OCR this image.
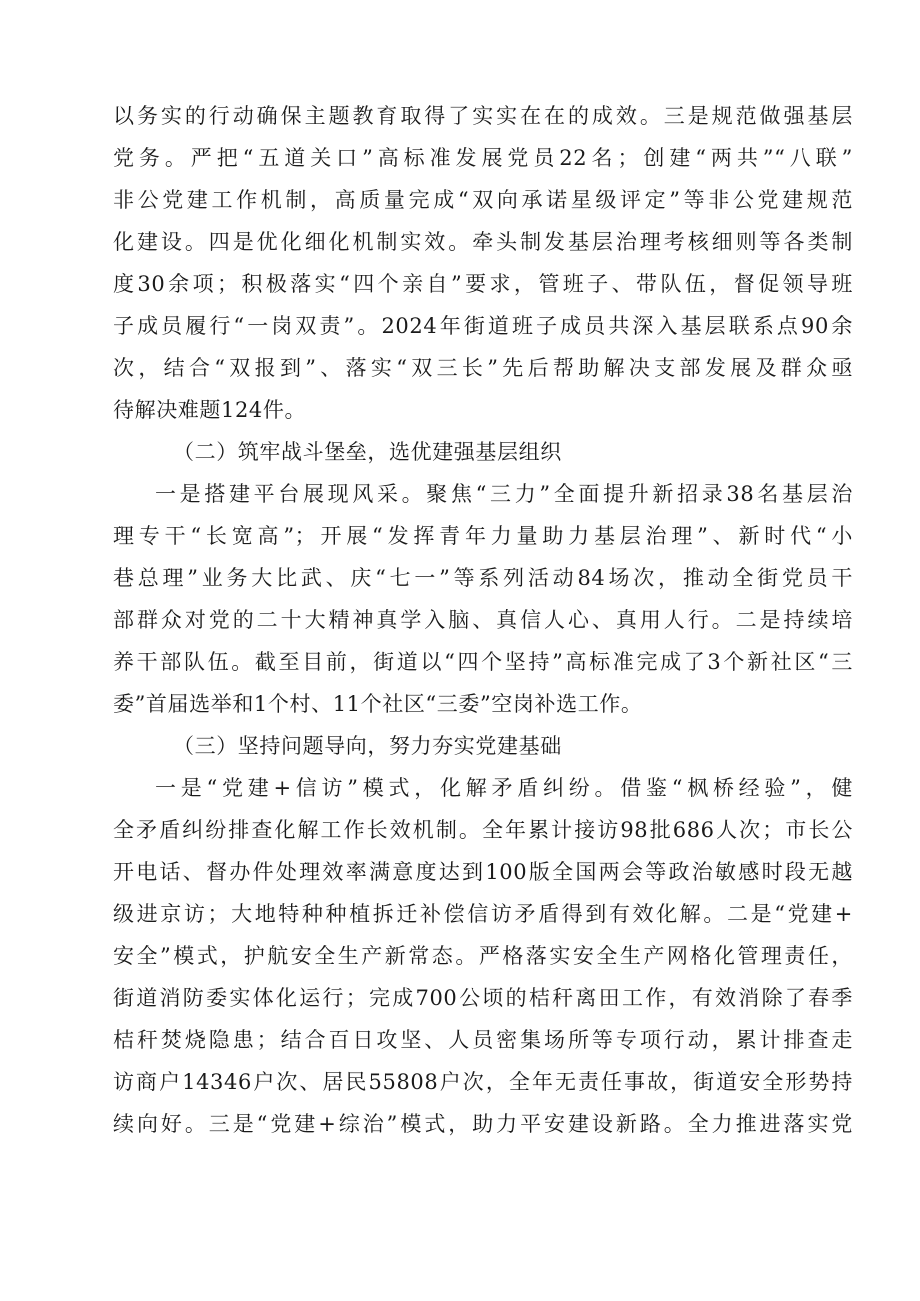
以务实的行动确保主题教育取得了实实在在的成效。三是规范做强基层
党务。严把“五道关口”高标准发展党员22名；创建“两共”“八联”
非公党建工作机制，高质量完成“双向承诺星级评定”等非公党建规范
化建设。四是优化细化机制实效。牵头制发基层治理考核细则等各类制
度30余项；积极落实“四个亲自”要求，管班子、带队伍，督促领导班
子成员履行“一岗双责”。2024年街道班子成员共深入基层联系点90余
次，结合“双报到”、落实“双三长”先后帮助解决支部发展及群众亟
待解决难题124件。
（二）筑牢战斗堡垒，选优建强基层组织
一是搭建平台展现风采。聚焦“三力”全面提升新招录38名基层治
理专干“长宽高”；开展“发挥青年力量助力基层治理”、新时代“小
巷总理”业务大比武、庆“七一”等系列活动84场次，推动全街党员干
部群众对党的二十大精神真学入脑、真信人心、真用人行。二是持续培
养干部队伍。截至目前，街道以“四个坚持”高标准完成了3个新社区“三
委”首届选举和1个村、11个社区“三委”空岗补选工作。
（三）坚持问题导向，努力夯实党建基础
一是“党建+信访”模式，化解矛盾纠纷。借鉴“枫桥经验”，健
全矛盾纠纷排查化解工作长效机制。全年累计接访98批686人次；市长公
开电话、督办件处理效率满意度达到100版全国两会等政治敏感时段无越
级进京访；大地特种种植拆迁补偿信访矛盾得到有效化解。二是“党建+
安全”模式，护航安全生产新常态。严格落实安全生产网格化管理责任，
街道消防委实体化运行；完成700公顷的桔秆离田工作，有效消除了春季
桔秆焚烧隐患；结合百日攻坚、人员密集场所等专项行动，累计排查走
访商户14346户次、居民55808户次，全年无责任事故，街道安全形势持
续向好。三是“党建+综治”模式，助力平安建设新路。全力推进落实党
